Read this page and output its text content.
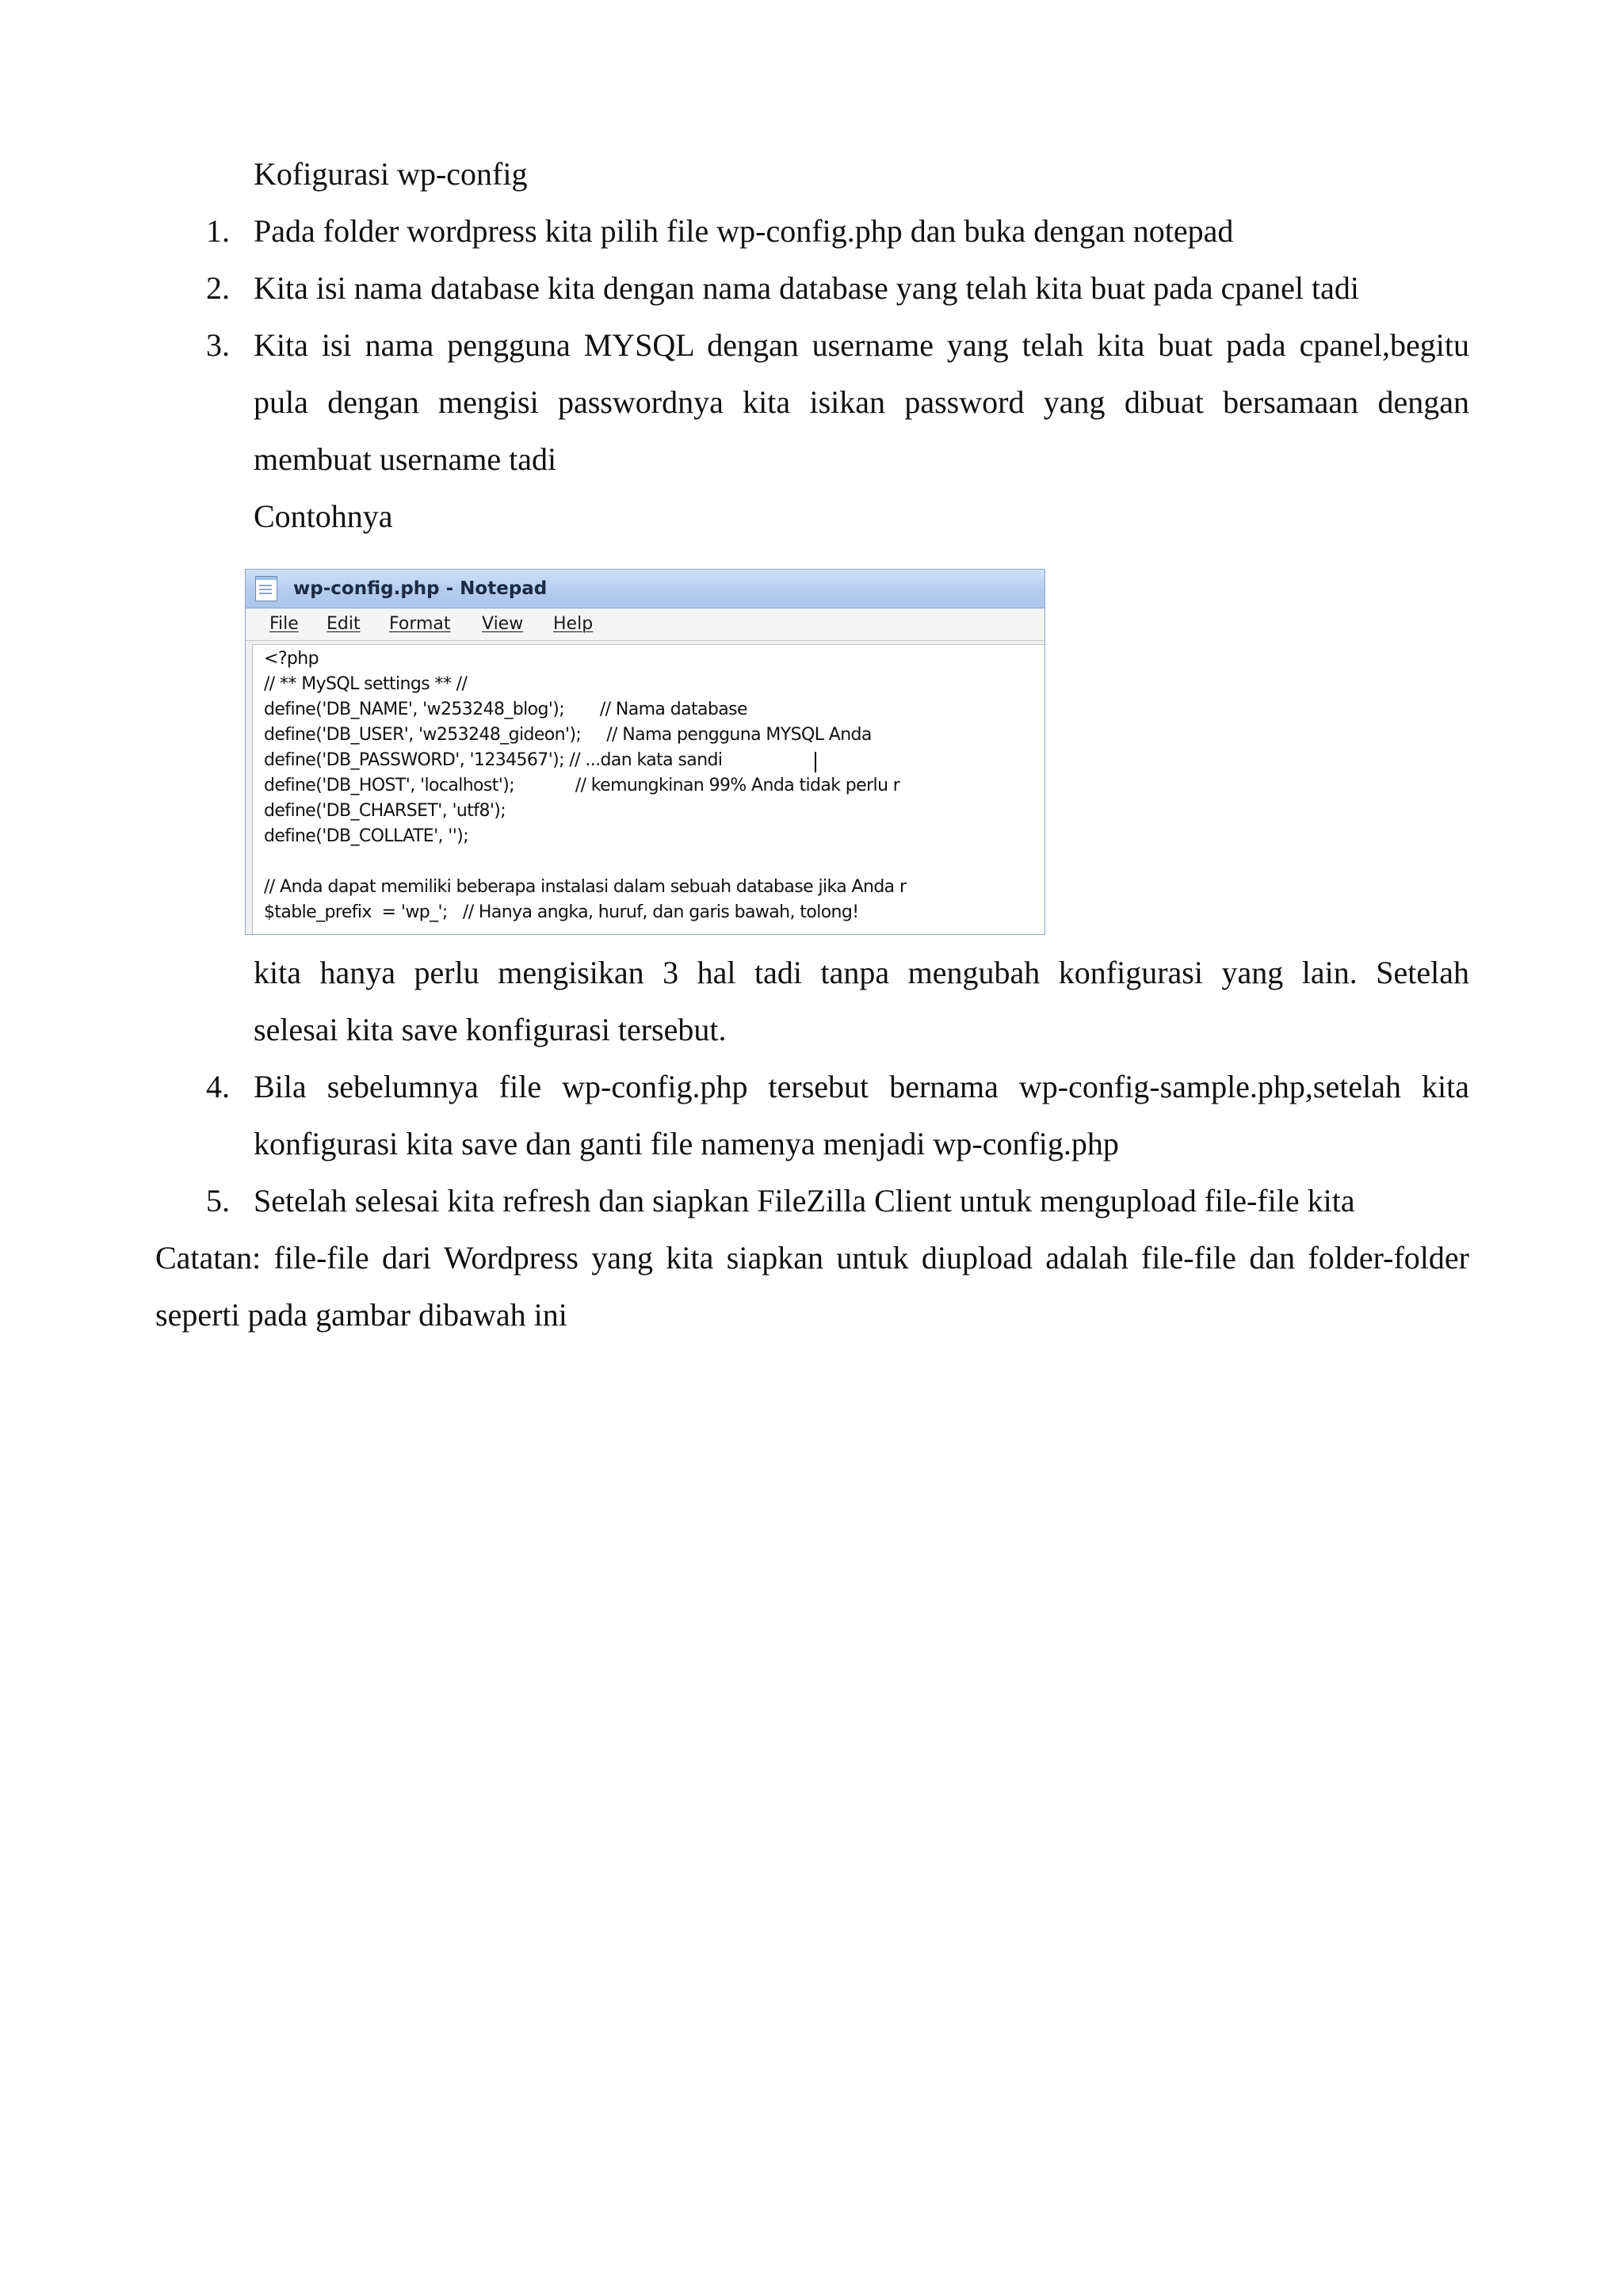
Kofigurasi wp-config
1. Pada folder wordpress kita pilih file wp-config.php dan buka dengan notepad
2. Kita isi nama database kita dengan nama database yang telah kita buat pada cpanel tadi
3. Kita isi nama pengguna MYSQL dengan username yang telah kita buat pada cpanel,begitu
pula dengan mengisi passwordnya kita isikan password yang dibuat bersamaan dengan
membuat username tadi
Contohnya
wp-config.php - Notepad
File Edit Format View Help
<?php
// ** MySQL settings ** //
define('DB_NAME', 'w253248_blog');       // Nama database
define('DB_USER', 'w253248_gideon');     // Nama pengguna MYSQL Anda
define('DB_PASSWORD', '1234567'); // ...dan kata sandi
define('DB_HOST', 'localhost');            // kemungkinan 99% Anda tidak perlu r
define('DB_CHARSET', 'utf8');
define('DB_COLLATE', '');
// Anda dapat memiliki beberapa instalasi dalam sebuah database jika Anda r
$table_prefix  = 'wp_';   // Hanya angka, huruf, dan garis bawah, tolong!
kita hanya perlu mengisikan 3 hal tadi tanpa mengubah konfigurasi yang lain. Setelah
selesai kita save konfigurasi tersebut.
4. Bila sebelumnya file wp-config.php tersebut bernama wp-config-sample.php,setelah kita
konfigurasi kita save dan ganti file namenya menjadi wp-config.php
5. Setelah selesai kita refresh dan siapkan FileZilla Client untuk mengupload file-file kita
Catatan: file-file dari Wordpress yang kita siapkan untuk diupload adalah file-file dan folder-folder
seperti pada gambar dibawah ini
